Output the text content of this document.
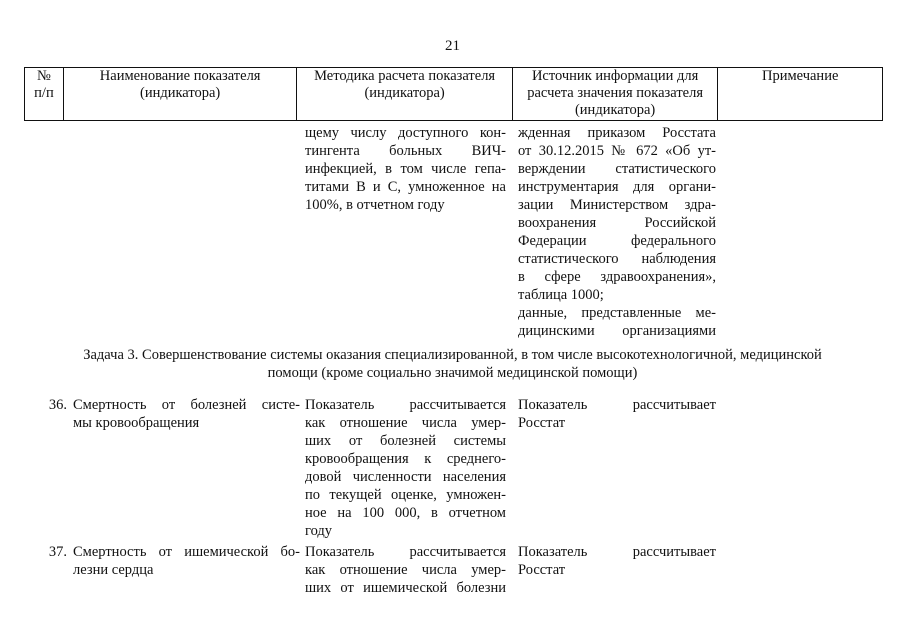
21
№
п/п
Наименование показателя
(индикатора)
Методика расчета показателя
(индикатора)
Источник информации для
расчета значения показателя
(индикатора)
Примечание
щему числу доступного кон-
тингента больных ВИЧ-
инфекцией, в том числе гепа-
титами В и С, умноженное на
100%, в отчетном году
жденная приказом Росстата
от 30.12.2015 № 672 «Об ут-
верждении статистического
инструментария для органи-
зации Министерством здра-
воохранения Российской
Федерации федерального
статистического наблюдения
в сфере здравоохранения»,
таблица 1000;
данные, представленные ме-
дицинскими организациями
Задача 3. Совершенствование системы оказания специализированной, в том числе высокотехнологичной, медицинской
помощи (кроме социально значимой медицинской помощи)
36. Смертность от болезней систе-
мы кровообращения
Показатель рассчитывается
как отношение числа умер-
ших от болезней системы
кровообращения к среднего-
довой численности населения
по текущей оценке, умножен-
ное на 100 000, в отчетном
году
Показатель рассчитывает
Росстат
37. Смертность от ишемической бо-
лезни сердца
Показатель рассчитывается
как отношение числа умер-
ших от ишемической болезни
Показатель рассчитывает
Росстат
